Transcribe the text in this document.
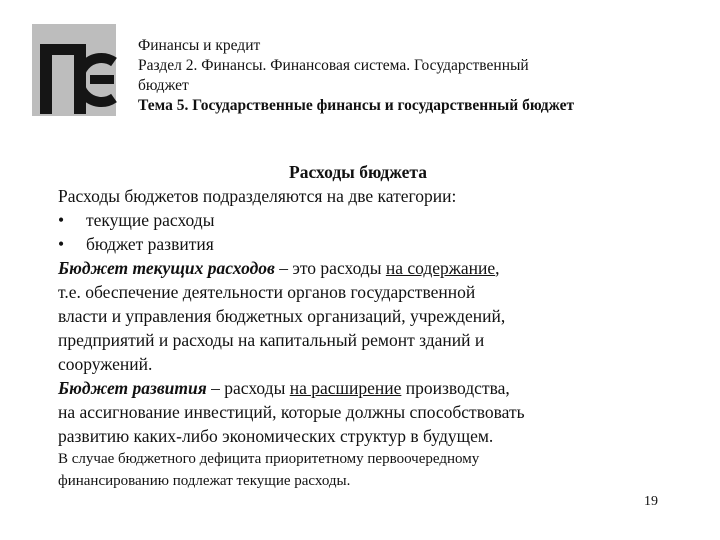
Финансы и кредит
Раздел 2. Финансы. Финансовая система. Государственный
бюджет
Тема 5. Государственные финансы и государственный бюджет
Расходы бюджета
Расходы бюджетов подразделяются на две категории:
•	текущие расходы
•	бюджет развития
Бюджет текущих расходов – это расходы на содержание,
т.е. обеспечение деятельности органов государственной
власти и управления бюджетных организаций, учреждений,
предприятий и расходы на капитальный ремонт зданий и
сооружений.
Бюджет развития – расходы на расширение производства,
на ассигнование инвестиций, которые должны способствовать
развитию каких-либо экономических структур в будущем.
В случае бюджетного дефицита приоритетному первоочередному
финансированию подлежат текущие расходы.
19
